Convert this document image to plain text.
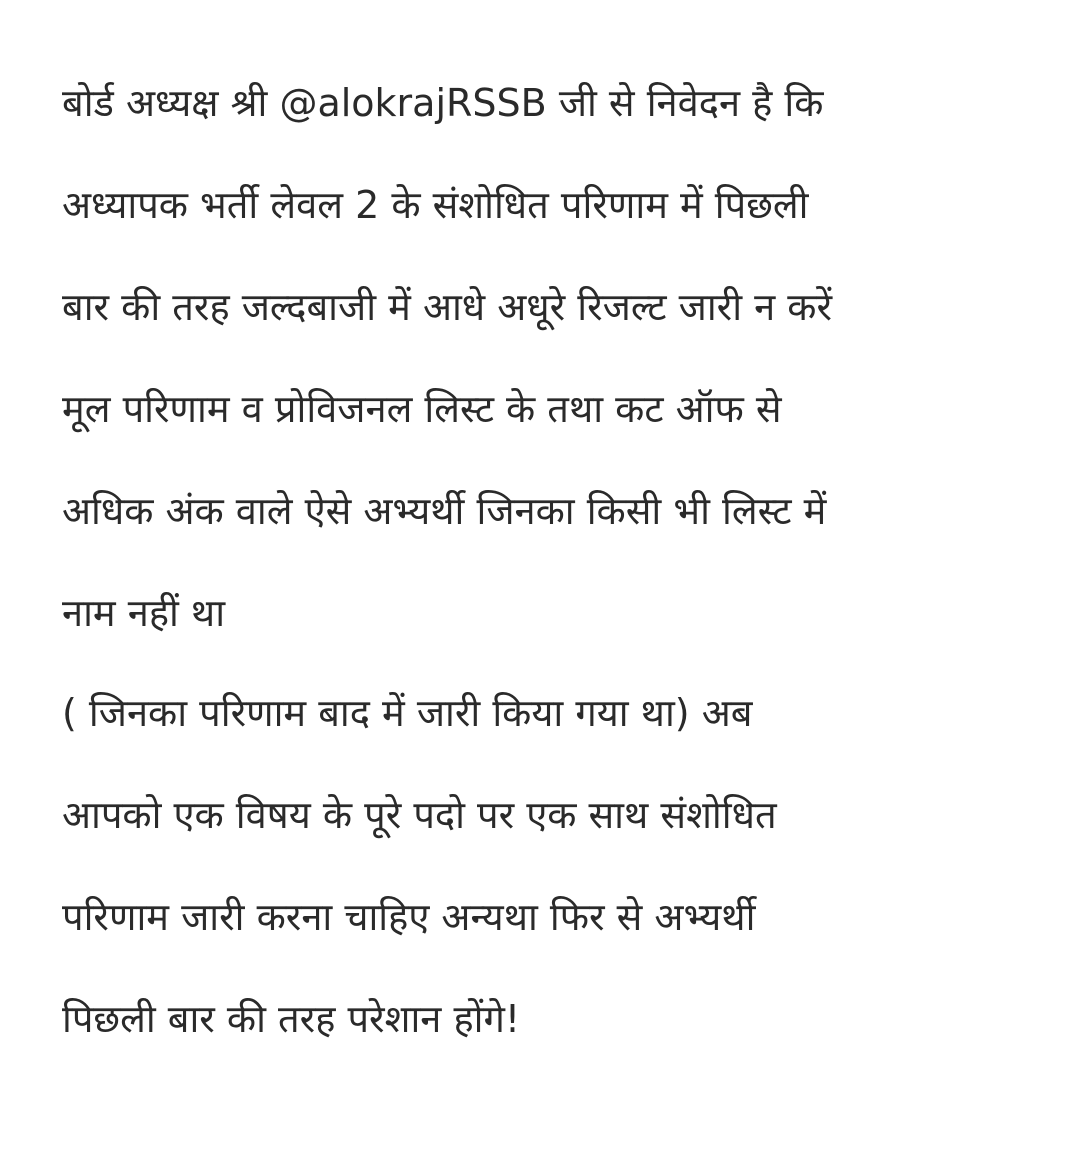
बोर्ड अध्यक्ष श्री @alokrajRSSB जी से निवेदन है कि
अध्यापक भर्ती लेवल 2 के संशोधित परिणाम में पिछली
बार की तरह जल्दबाजी में आधे अधूरे रिजल्ट जारी न करें
मूल परिणाम व प्रोविजनल लिस्ट के तथा कट ऑफ से
अधिक अंक वाले ऐसे अभ्यर्थी जिनका किसी भी लिस्ट में
नाम नहीं था
( जिनका परिणाम बाद में जारी किया गया था) अब
आपको एक विषय के पूरे पदो पर एक साथ संशोधित
परिणाम जारी करना चाहिए अन्यथा फिर से अभ्यर्थी
पिछली बार की तरह परेशान होंगे!
